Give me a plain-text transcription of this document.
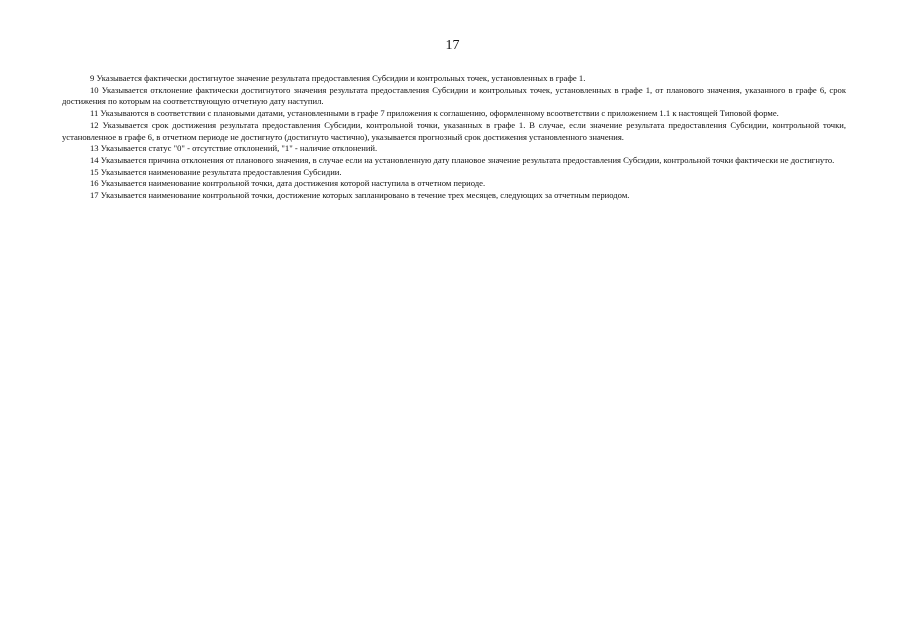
17

9 Указывается фактически достигнутое значение результата предоставления Субсидии и контрольных точек, установленных в графе 1.

10 Указывается отклонение фактически достигнутого значения результата предоставления Субсидии и контрольных точек, установленных в графе 1, от планового значения, указанного в графе 6, срок достижения по которым на соответствующую отчетную дату наступил.

11 Указываются в соответствии с плановыми датами, установленными в графе 7 приложения к соглашению, оформленному всоответствии с приложением 1.1 к настоящей Типовой форме.

12 Указывается срок достижения результата предоставления Субсидии, контрольной точки, указанных в графе 1. В случае, если значение результата предоставления Субсидии, контрольной точки, установленное в графе 6, в отчетном периоде не достигнуто (достигнуто частично), указывается прогнозный срок достижения установленного значения.

13 Указывается статус "0" - отсутствие отклонений, "1" - наличие отклонений.

14 Указывается причина отклонения от планового значения, в случае если на установленную дату плановое значение результата предоставления Субсидии, контрольной точки фактически не достигнуто.

15 Указывается наименование результата предоставления Субсидии.

16 Указывается наименование контрольной точки, дата достижения которой наступила в отчетном периоде.

17 Указывается наименование контрольной точки, достижение которых запланировано в течение трех месяцев, следующих за отчетным периодом.
